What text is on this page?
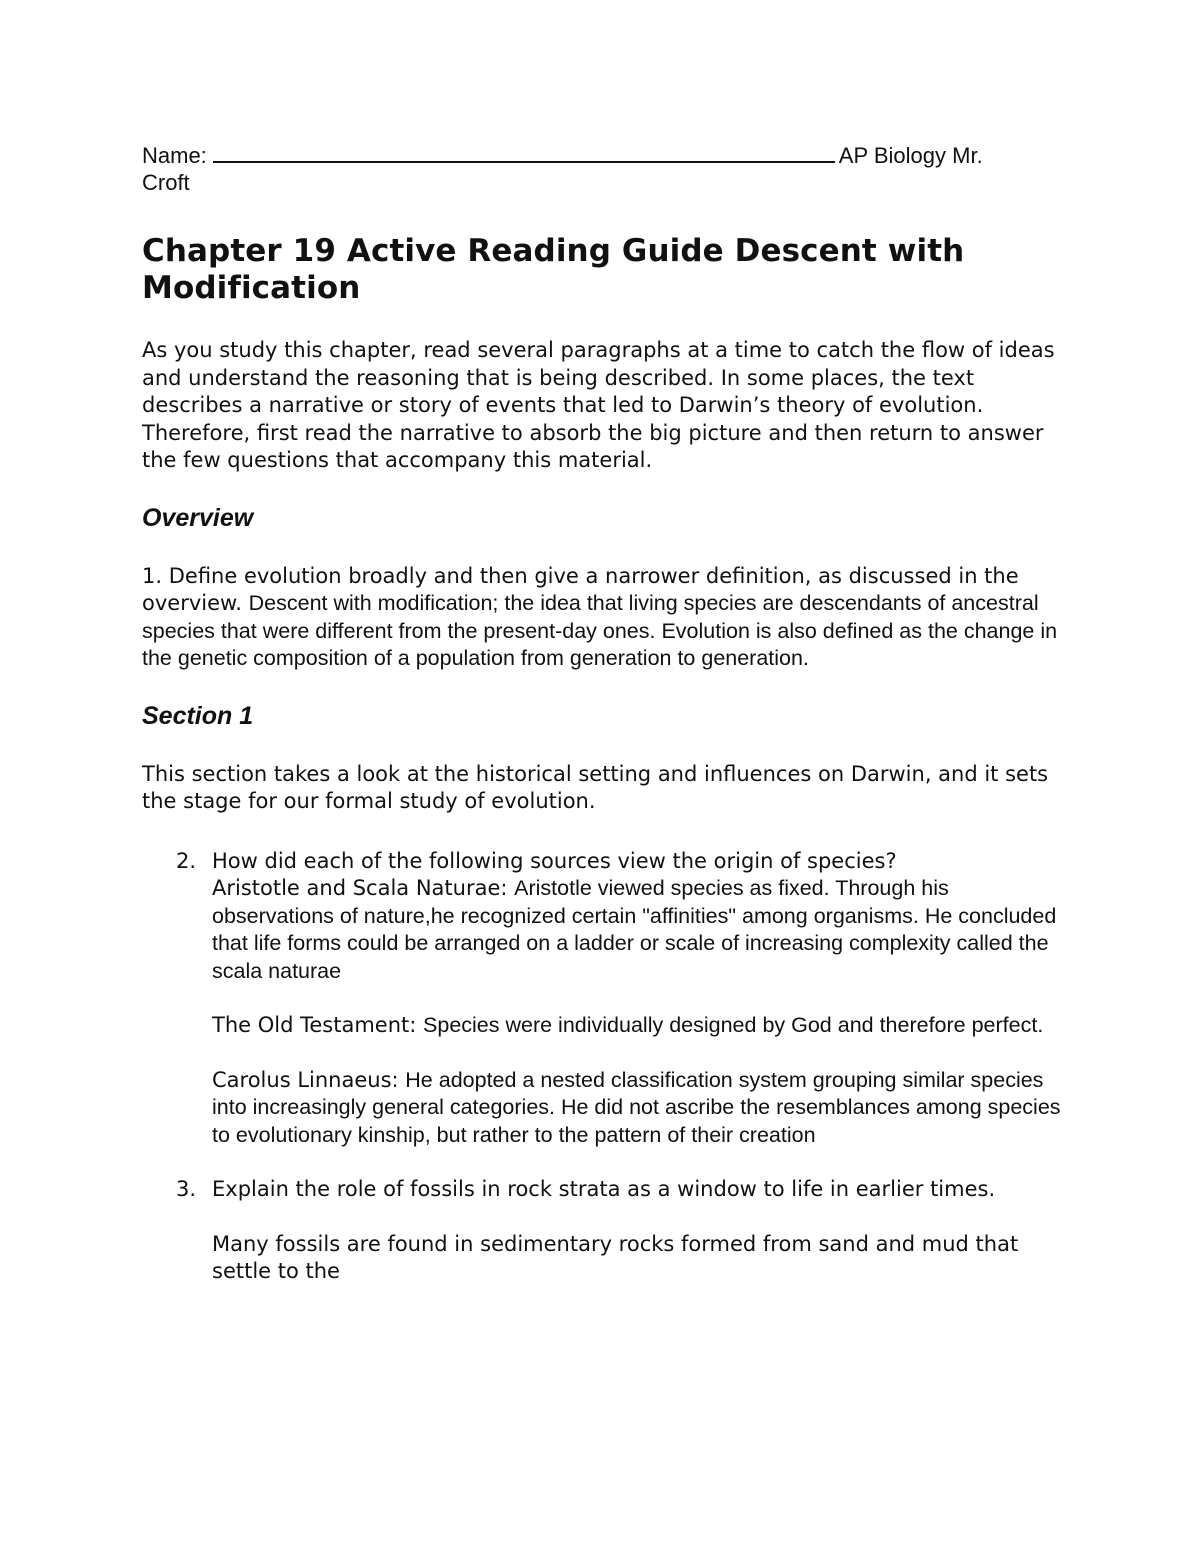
Name:	AP Biology Mr.
Croft

Chapter 19 Active Reading Guide Descent with Modification

As you study this chapter, read several paragraphs at a time to catch the flow of ideas and understand the reasoning that is being described. In some places, the text describes a narrative or story of events that led to Darwin’s theory of evolution. Therefore, first read the narrative to absorb the big picture and then return to answer the few questions that accompany this material.

Overview

1. Define evolution broadly and then give a narrower definition, as discussed in the overview. Descent with modification; the idea that living species are descendants of ancestral species that were different from the present-day ones. Evolution is also defined as the change in the genetic composition of a population from generation to generation.

Section 1

This section takes a look at the historical setting and influences on Darwin, and it sets the stage for our formal study of evolution.

2. How did each of the following sources view the origin of species?

Aristotle and Scala Naturae: Aristotle viewed species as fixed. Through his observations of nature,he recognized certain "affinities" among organisms. He concluded that life forms could be arranged on a ladder or scale of increasing complexity called the scala naturae

The Old Testament: Species were individually designed by God and therefore perfect.

Carolus Linnaeus: He adopted a nested classification system grouping similar species into increasingly general categories. He did not ascribe the resemblances among species to evolutionary kinship, but rather to the pattern of their creation

3. Explain the role of fossils in rock strata as a window to life in earlier times.

Many fossils are found in sedimentary rocks formed from sand and mud that settle to the
